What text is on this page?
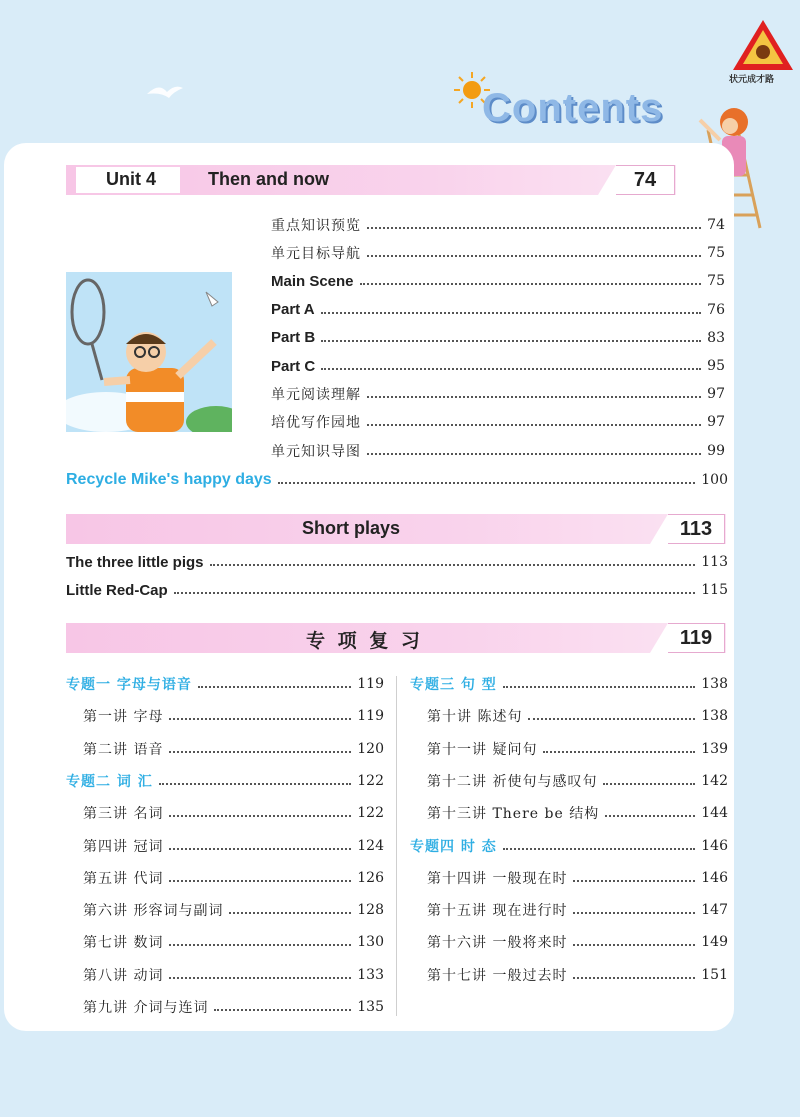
Contents
状元成才路
Unit 4	Then and now	74
重点知识预览	74
单元目标导航	75
Main Scene	75
Part A	76
Part B	83
Part C	95
单元阅读理解	97
培优写作园地	97
单元知识导图	99
Recycle Mike's happy days	100
Short plays	113
The three little pigs	113
Little Red-Cap	115
专 项 复 习	119
专题一 字母与语音	119
第一讲 字母	119
第二讲 语音	120
专题二 词 汇	122
第三讲 名词	122
第四讲 冠词	124
第五讲 代词	126
第六讲 形容词与副词	128
第七讲 数词	130
第八讲 动词	133
第九讲 介词与连词	135
专题三 句 型	138
第十讲 陈述句	138
第十一讲 疑问句	139
第十二讲 祈使句与感叹句	142
第十三讲 There be 结构	144
专题四 时 态	146
第十四讲 一般现在时	146
第十五讲 现在进行时	147
第十六讲 一般将来时	149
第十七讲 一般过去时	151
